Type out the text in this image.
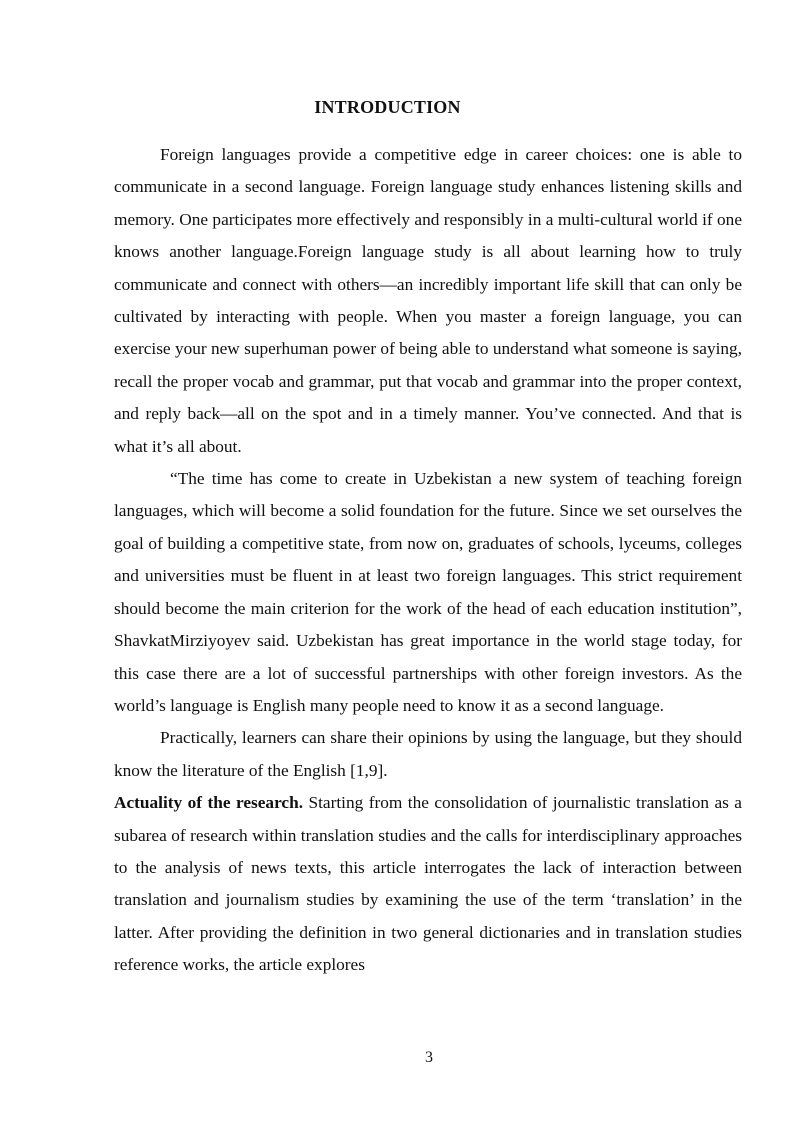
INTRODUCTION

Foreign languages provide a competitive edge in career choices: one is able to communicate in a second language. Foreign language study enhances listening skills and memory. One participates more effectively and responsibly in a multi-cultural world if one knows another language.Foreign language study is all about learning how to truly communicate and connect with others—an incredibly important life skill that can only be cultivated by interacting with people. When you master a foreign language, you can exercise your new superhuman power of being able to understand what someone is saying, recall the proper vocab and grammar, put that vocab and grammar into the proper context, and reply back—all on the spot and in a timely manner. You’ve connected. And that is what it’s all about.

“The time has come to create in Uzbekistan a new system of teaching foreign languages, which will become a solid foundation for the future. Since we set ourselves the goal of building a competitive state, from now on, graduates of schools, lyceums, colleges and universities must be fluent in at least two foreign languages. This strict requirement should become the main criterion for the work of the head of each education institution”, ShavkatMirziyoyev said. Uzbekistan has great importance in the world stage today, for this case there are a lot of successful partnerships with other foreign investors. As the world’s language is English many people need to know it as a second language.

Practically, learners can share their opinions by using the language, but they should know the literature of the English [1,9].

Actuality of the research. Starting from the consolidation of journalistic translation as a subarea of research within translation studies and the calls for interdisciplinary approaches to the analysis of news texts, this article interrogates the lack of interaction between translation and journalism studies by examining the use of the term ‘translation’ in the latter. After providing the definition in two general dictionaries and in translation studies reference works, the article explores

3
